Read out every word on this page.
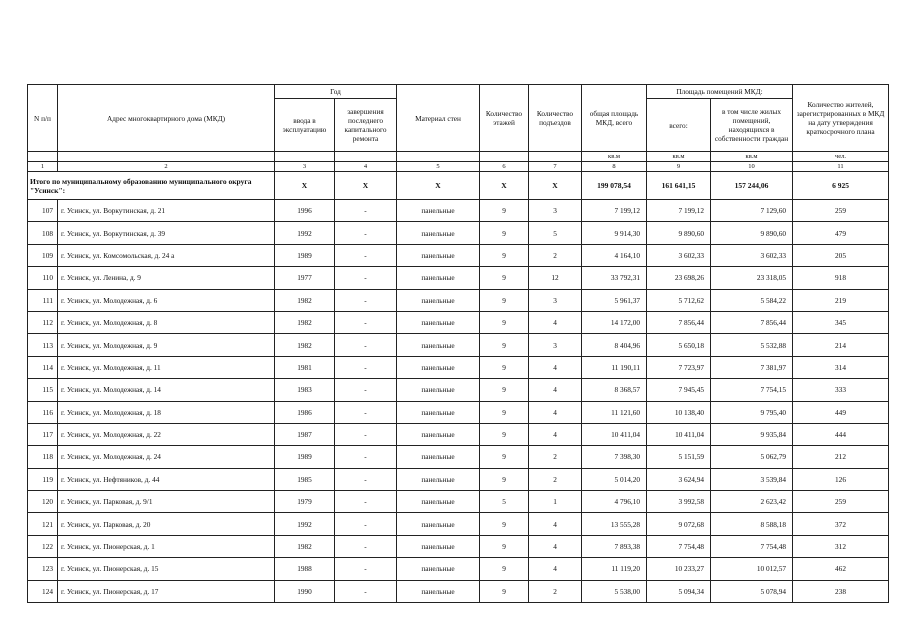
N п/п	Адрес многоквартирного дома (МКД)	Год		Материал стен	Количество этажей	Количество подъездов	общая площадь МКД, всего	Площадь помещений МКД:		Количество жителей, зарегистрированных в МКД на дату утверждения краткосрочного плана
		ввода в эксплуатацию	завершения последнего капитального ремонта					всего:	в том числе жилых помещений, находящихся в собственности граждан	
							кв.м	кв.м	кв.м	чел.
1	2	3	4	5	6	7	8	9	10	11
Итого по муниципальному образованию муниципального округа "Усинск":		X	X	X	X	X	199 078,54	161 641,15	157 244,06	6 925
107	г. Усинск, ул. Воркутинская, д. 21	1996	-	панельные	9	3	7 199,12	7 199,12	7 129,60	259
108	г. Усинск, ул. Воркутинская, д. 39	1992	-	панельные	9	5	9 914,30	9 890,60	9 890,60	479
109	г. Усинск, ул. Комсомольская, д. 24 а	1989	-	панельные	9	2	4 164,10	3 602,33	3 602,33	205
110	г. Усинск, ул. Ленина, д. 9	1977	-	панельные	9	12	33 792,31	23 698,26	23 318,05	918
111	г. Усинск, ул. Молодежная, д. 6	1982	-	панельные	9	3	5 961,37	5 712,62	5 584,22	219
112	г. Усинск, ул. Молодежная, д. 8	1982	-	панельные	9	4	14 172,00	7 856,44	7 856,44	345
113	г. Усинск, ул. Молодежная, д. 9	1982	-	панельные	9	3	8 404,96	5 650,18	5 532,88	214
114	г. Усинск, ул. Молодежная, д. 11	1981	-	панельные	9	4	11 190,11	7 723,97	7 381,97	314
115	г. Усинск, ул. Молодежная, д. 14	1983	-	панельные	9	4	8 368,57	7 945,45	7 754,15	333
116	г. Усинск, ул. Молодежная, д. 18	1986	-	панельные	9	4	11 121,60	10 138,40	9 795,40	449
117	г. Усинск, ул. Молодежная, д. 22	1987	-	панельные	9	4	10 411,04	10 411,04	9 935,84	444
118	г. Усинск, ул. Молодежная, д. 24	1989	-	панельные	9	2	7 398,30	5 151,59	5 062,79	212
119	г. Усинск, ул. Нефтяников, д. 44	1985	-	панельные	9	2	5 014,20	3 624,94	3 539,84	126
120	г. Усинск, ул. Парковая, д. 9/1	1979	-	панельные	5	1	4 796,10	3 992,58	2 623,42	259
121	г. Усинск, ул. Парковая, д. 20	1992	-	панельные	9	4	13 555,28	9 072,68	8 588,18	372
122	г. Усинск, ул. Пионерская, д. 1	1982	-	панельные	9	4	7 893,38	7 754,48	7 754,48	312
123	г. Усинск, ул. Пионерская, д. 15	1988	-	панельные	9	4	11 119,20	10 233,27	10 012,57	462
124	г. Усинск, ул. Пионерская, д. 17	1990	-	панельные	9	2	5 538,00	5 094,34	5 078,94	238
